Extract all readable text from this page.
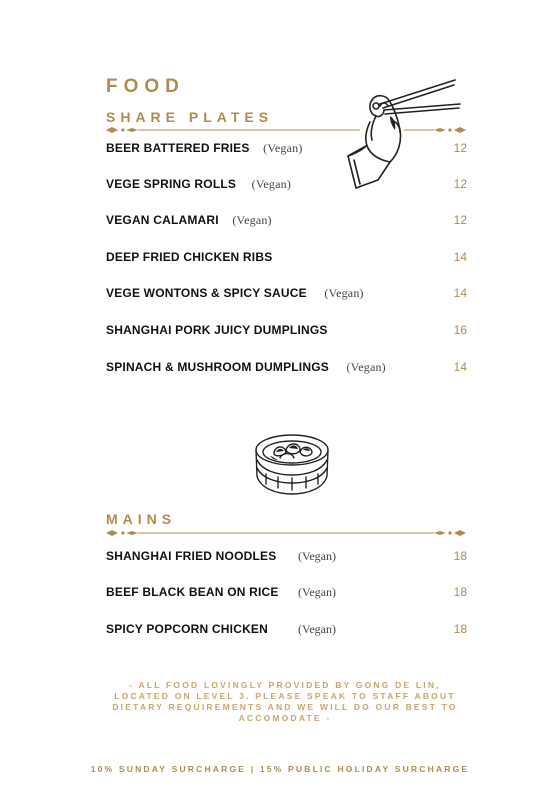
FOOD
SHARE PLATES
BEER BATTERED FRIES (Vegan)	12
VEGE SPRING ROLLS (Vegan)	12
VEGAN CALAMARI (Vegan)	12
DEEP FRIED CHICKEN RIBS	14
VEGE WONTONS & SPICY SAUCE (Vegan)	14
SHANGHAI PORK JUICY DUMPLINGS	16
SPINACH & MUSHROOM DUMPLINGS (Vegan)	14
MAINS
SHANGHAI FRIED NOODLES (Vegan)	18
BEEF BLACK BEAN ON RICE (Vegan)	18
SPICY POPCORN CHICKEN (Vegan)	18
- ALL FOOD LOVINGLY PROVIDED BY GONG DE LIN, LOCATED ON LEVEL 3. PLEASE SPEAK TO STAFF ABOUT DIETARY REQUIREMENTS AND WE WILL DO OUR BEST TO ACCOMODATE -
10% SUNDAY SURCHARGE | 15% PUBLIC HOLIDAY SURCHARGE
